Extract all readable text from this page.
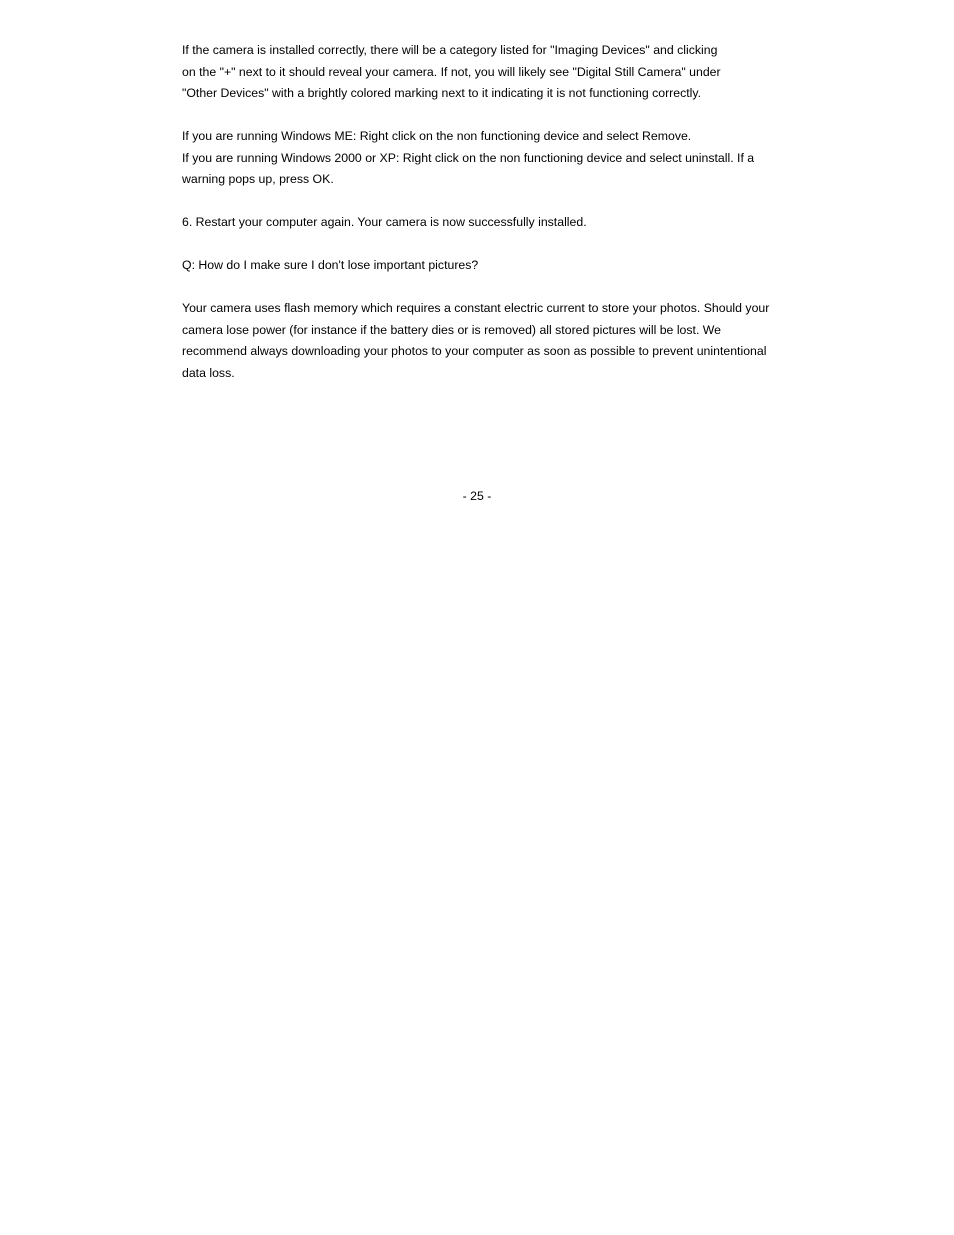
If the camera is installed correctly, there will be a category listed for "Imaging Devices" and clicking
on the "+" next to it should reveal your camera. If not, you will likely see "Digital Still Camera" under
"Other Devices" with a brightly colored marking next to it indicating it is not functioning correctly.

If you are running Windows ME: Right click on the non functioning device and select Remove.
If you are running Windows 2000 or XP: Right click on the non functioning device and select uninstall. If a
warning pops up, press OK.

6. Restart your computer again. Your camera is now successfully installed.

Q: How do I make sure I don't lose important pictures?

Your camera uses flash memory which requires a constant electric current to store your photos. Should your
camera lose power (for instance if the battery dies or is removed) all stored pictures will be lost. We
recommend always downloading your photos to your computer as soon as possible to prevent unintentional
data loss.

- 25 -
